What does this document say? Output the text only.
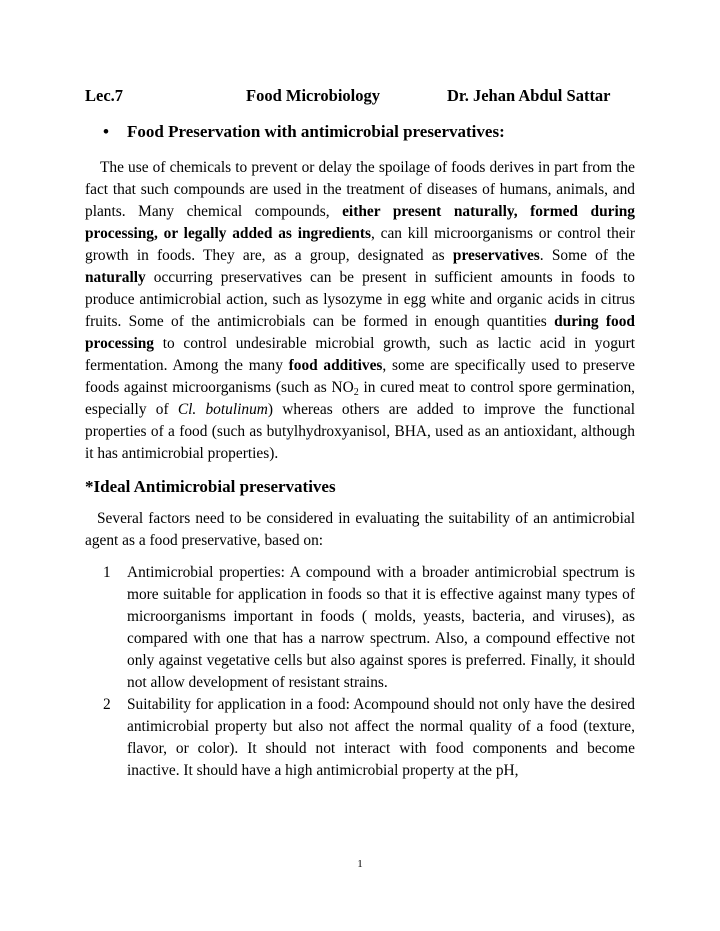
Lec.7	Food Microbiology	Dr. Jehan Abdul Sattar
• Food Preservation with antimicrobial preservatives:

The use of chemicals to prevent or delay the spoilage of foods derives in part from the fact that such compounds are used in the treatment of diseases of humans, animals, and plants. Many chemical compounds, either present naturally, formed during processing, or legally added as ingredients, can kill microorganisms or control their growth in foods. They are, as a group, designated as preservatives. Some of the naturally occurring preservatives can be present in sufficient amounts in foods to produce antimicrobial action, such as lysozyme in egg white and organic acids in citrus fruits. Some of the antimicrobials can be formed in enough quantities during food processing to control undesirable microbial growth, such as lactic acid in yogurt fermentation. Among the many food additives, some are specifically used to preserve foods against microorganisms (such as $NO_2$ in cured meat to control spore germination, especially of Cl. botulinum) whereas others are added to improve the functional properties of a food (such as butylhydroxyanisol, BHA, used as an antioxidant, although it has antimicrobial properties).

*Ideal Antimicrobial preservatives

Several factors need to be considered in evaluating the suitability of an antimicrobial agent as a food preservative, based on:

1 Antimicrobial properties: A compound with a broader antimicrobial spectrum is more suitable for application in foods so that it is effective against many types of microorganisms important in foods ( molds, yeasts, bacteria, and viruses), as compared with one that has a narrow spectrum. Also, a compound effective not only against vegetative cells but also against spores is preferred. Finally, it should not allow development of resistant strains.
2 Suitability for application in a food: Acompound should not only have the desired antimicrobial property but also not affect the normal quality of a food (texture, flavor, or color). It should not interact with food components and become inactive. It should have a high antimicrobial property at the pH,
1
